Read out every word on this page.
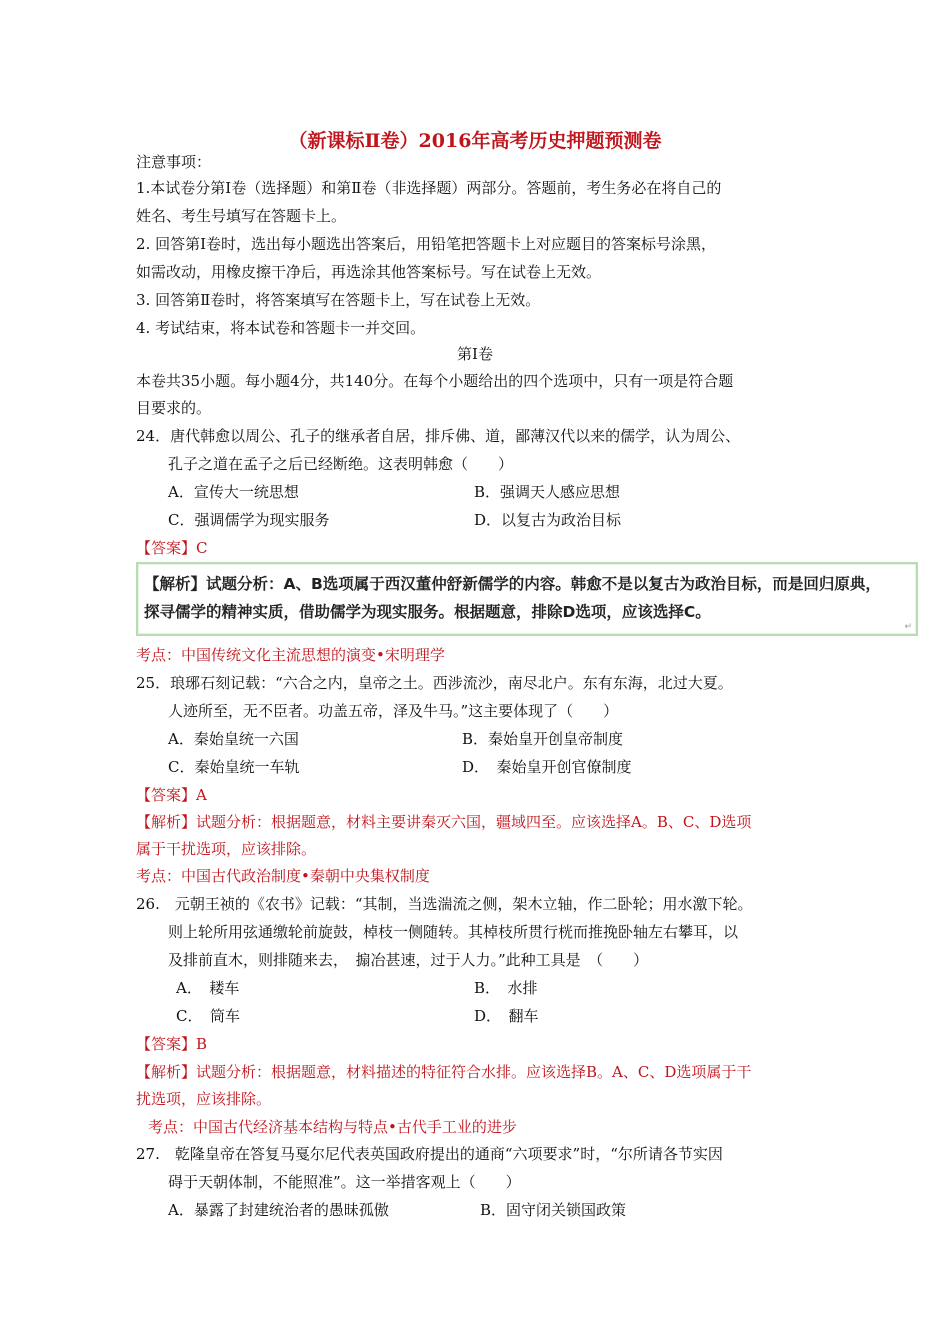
（新课标Ⅱ卷）2016年高考历史押题预测卷
注意事项：
1.本试卷分第Ⅰ卷（选择题）和第Ⅱ卷（非选择题）两部分。答题前，考生务必在将自己的
姓名、考生号填写在答题卡上。
2. 回答第Ⅰ卷时，选出每小题选出答案后，用铅笔把答题卡上对应题目的答案标号涂黑，
如需改动，用橡皮擦干净后，再选涂其他答案标号。写在试卷上无效。
3. 回答第Ⅱ卷时，将答案填写在答题卡上，写在试卷上无效。
4. 考试结束，将本试卷和答题卡一并交回。
第Ⅰ卷
本卷共35小题。每小题4分，共140分。在每个小题给出的四个选项中，只有一项是符合题
目要求的。
24．唐代韩愈以周公、孔子的继承者自居，排斥佛、道，鄙薄汉代以来的儒学，认为周公、
孔子之道在孟子之后已经断绝。这表明韩愈（　　）
A．宣传大一统思想	B．强调天人感应思想
C．强调儒学为现实服务	D．以复古为政治目标
【答案】C
【解析】试题分析：A、B选项属于西汉董仲舒新儒学的内容。韩愈不是以复古为政治目标，而是回归原典，
探寻儒学的精神实质，借助儒学为现实服务。根据题意，排除D选项，应该选择C。
↵
考点：中国传统文化主流思想的演变•宋明理学
25．琅琊石刻记载：“六合之内，皇帝之土。西涉流沙，南尽北户。东有东海，北过大夏。
人迹所至，无不臣者。功盖五帝，泽及牛马。”这主要体现了（　　）
A．秦始皇统一六国	B．秦始皇开创皇帝制度
C．秦始皇统一车轨	D．　秦始皇开创官僚制度
【答案】A
【解析】试题分析：根据题意，材料主要讲秦灭六国，疆域四至。应该选择A。B、C、D选项
属于干扰选项，应该排除。
考点：中国古代政治制度•秦朝中央集权制度
26.　元朝王祯的《农书》记载：“其制，当选湍流之侧，架木立轴，作二卧轮；用水激下轮。
则上轮所用弦通缴轮前旋鼓，棹枝一侧随转。其棹枝所贯行桄而推挽卧轴左右攀耳，以
及排前直木，则排随来去，　搧冶甚速，过于人力。”此种工具是　（　　）
A．　耧车	B．　水排
C．　筒车	D．　翻车
【答案】B
【解析】试题分析：根据题意，材料描述的特征符合水排。应该选择B。A、C、D选项属于干
扰选项，应该排除。
考点：中国古代经济基本结构与特点•古代手工业的进步
27.　乾隆皇帝在答复马戛尔尼代表英国政府提出的通商“六项要求”时，“尔所请各节实因
碍于天朝体制，不能照准”。这一举措客观上（　　）
A．暴露了封建统治者的愚昧孤傲	B．固守闭关锁国政策
